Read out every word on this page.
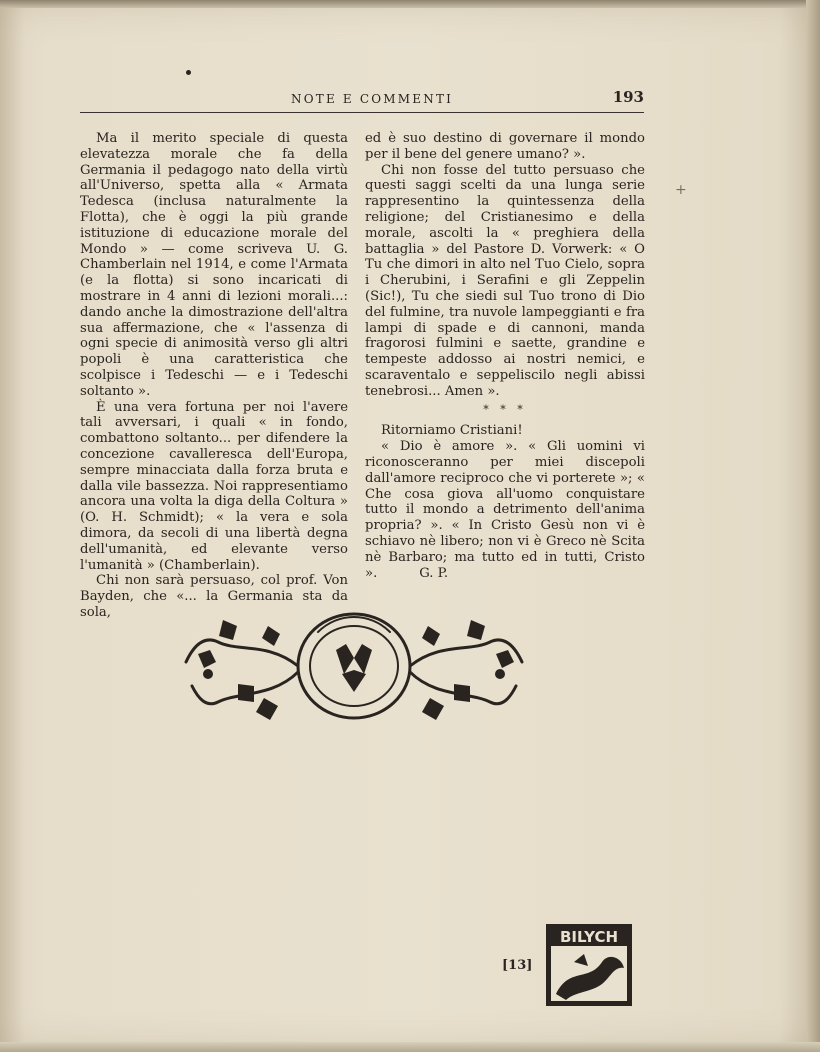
NOTE E COMMENTI	193

Ma il merito speciale di questa elevatezza morale che fa della Germania il pedagogo nato della virtù all'Universo, spetta alla « Armata Tedesca (inclusa naturalmente la Flotta), che è oggi la più grande istituzione di educazione morale del Mondo » — come scriveva U. G. Chamberlain nel 1914, e come l'Armata (e la flotta) si sono incaricati di mostrare in 4 anni di lezioni morali...: dando anche la dimostrazione dell'altra sua affermazione, che « l'assenza di ogni specie di animosità verso gli altri popoli è una caratteristica che scolpisce i Tedeschi — e i Tedeschi soltanto ».

È una vera fortuna per noi l'avere tali avversari, i quali « in fondo, combattono soltanto... per difendere la concezione cavalleresca dell'Europa, sempre minacciata dalla forza bruta e dalla vile bassezza. Noi rappresentiamo ancora una volta la diga della Coltura » (O. H. Schmidt); « la vera e sola dimora, da secoli di una libertà degna dell'umanità, ed elevante verso l'umanità » (Chamberlain).

Chi non sarà persuaso, col prof. Von Bayden, che «... la Germania sta da sola,

ed è suo destino di governare il mondo per il bene del genere umano? ».

Chi non fosse del tutto persuaso che questi saggi scelti da una lunga serie rappresentino la quintessenza della religione; del Cristianesimo e della morale, ascolti la « preghiera della battaglia » del Pastore D. Vorwerk: « O Tu che dimori in alto nel Tuo Cielo, sopra i Cherubini, i Serafini e gli Zeppelin (Sic!), Tu che siedi sul Tuo trono di Dio del fulmine, tra nuvole lampeggianti e fra lampi di spade e di cannoni, manda fragorosi fulmini e saette, grandine e tempeste addosso ai nostri nemici, e scaraventalo e seppeliscilo negli abissi tenebrosi... Amen ».

* * *

Ritorniamo Cristiani!

« Dio è amore ». « Gli uomini vi riconosceranno per miei discepoli dall'amore reciproco che vi porterete »; « Che cosa giova all'uomo conquistare tutto il mondo a detrimento dell'anima propria? ». « In Cristo Gesù non vi è schiavo nè libero; non vi è Greco nè Scita nè Barbaro; ma tutto ed in tutti, Cristo ».	G. P.

+
[13]
BILYCH
